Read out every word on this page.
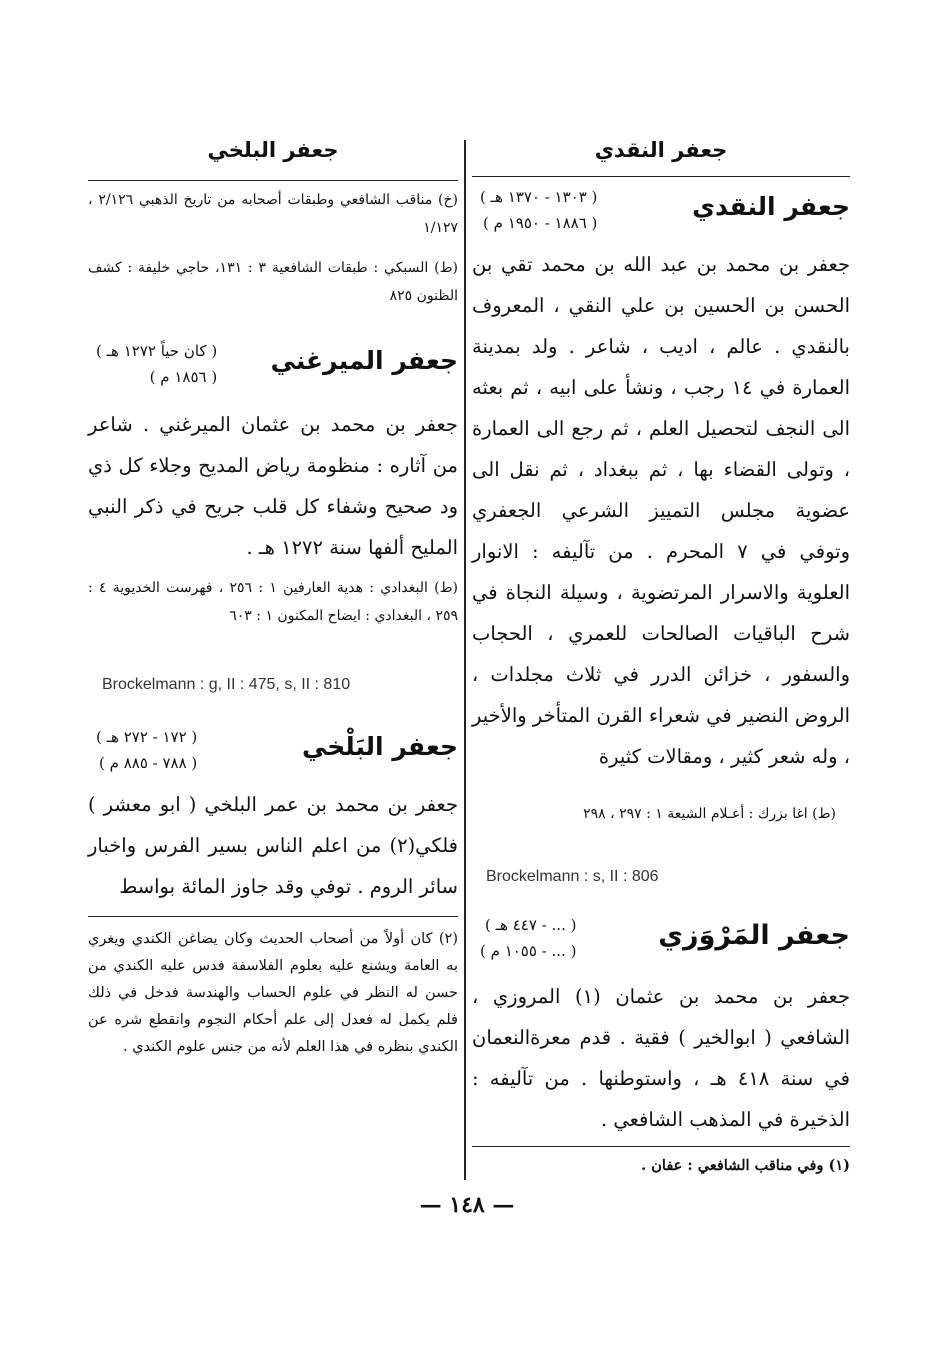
جعفر النقدي
جعفر النقدي
( ١٣٠٣ - ١٣٧٠ هـ )
( ١٨٨٦ - ١٩٥٠ م )
جعفر بن محمد بن عبد الله بن محمد تقي بن الحسن بن الحسين بن علي النقي ، المعروف بالنقدي . عالم ، اديب ، شاعر . ولد بمدينة العمارة في ١٤ رجب ، ونشأ على ابيه ، ثم بعثه الى النجف لتحصيل العلم ، ثم رجع الى العمارة ، وتولى القضاء بها ، ثم ببغداد ، ثم نقل الى عضوية مجلس التمييز الشرعي الجعفري وتوفي في ٧ المحرم . من تآليفه : الانوار العلوية والاسرار المرتضوية ، وسيلة النجاة في شرح الباقيات الصالحات للعمري ، الحجاب والسفور ، خزائن الدرر في ثلاث مجلدات ، الروض النضير في شعراء القرن المتأخر والأخير ، وله شعر كثير ، ومقالات كثيرة
(ط) اغا بزرك : أعـلام الشيعة ١ : ٢٩٧ ، ٢٩٨
Brockelmann : s, II : 806
جعفر المَرْوَزي
( ... - ٤٤٧ هـ )
( ... - ١٠٥٥ م )
جعفر بن محمد بن عثمان (١) المروزي ، الشافعي ( ابوالخير ) فقية . قدم معرةالنعمان في سنة ٤١٨ هـ ، واستوطنها . من تآليفه : الذخيرة في المذهب الشافعي .
(١) وفي مناقب الشافعي : عفان .
جعفر البلخي
(خ) مناقب الشافعي وطبقات أصحابه من تاريخ الذهبي ٢/١٢٦ ، ١/١٢٧
(ط) السبكي : طبقات الشافعية ٣ : ١٣١، حاجي خليفة : كشف الظنون ٨٢٥
جعفر الميرغني
( كان حياً ١٢٧٢ هـ )
( ١٨٥٦ م )
جعفر بن محمد بن عثمان الميرغني . شاعر من آثاره : منظومة رياض المديح وجلاء كل ذي ود صحيح وشفاء كل قلب جريح في ذكر النبي المليح ألفها سنة ١٢٧٢ هـ .
(ط) البغدادي : هدية العارفين ١ : ٢٥٦ ، فهرست الخديوية ٤ : ٢٥٩ ، البغدادي : ايضاح المكنون ١ : ٦٠٣
Brockelmann : g, II : 475, s, II : 810
جعفر البَلْخي
( ١٧٢ - ٢٧٢ هـ )
( ٧٨٨ - ٨٨٥ م )
جعفر بن محمد بن عمر البلخي ( ابو معشر ) فلكي(٢) من اعلم الناس بسير الفرس واخبار سائر الروم . توفي وقد جاوز المائة بواسط
(٢) كان أولاً من أصحاب الحديث وكان يضاغن الكندي ويغري به العامة ويشنع عليه بعلوم الفلاسفة فدس عليه الكندي من حسن له النظر في علوم الحساب والهندسة فدخل في ذلك فلم يكمل له فعدل إلى علم أحكام النجوم وانقطع شره عن الكندي بنظره في هذا العلم لأنه من جنس علوم الكندي .
— ١٤٨ —
